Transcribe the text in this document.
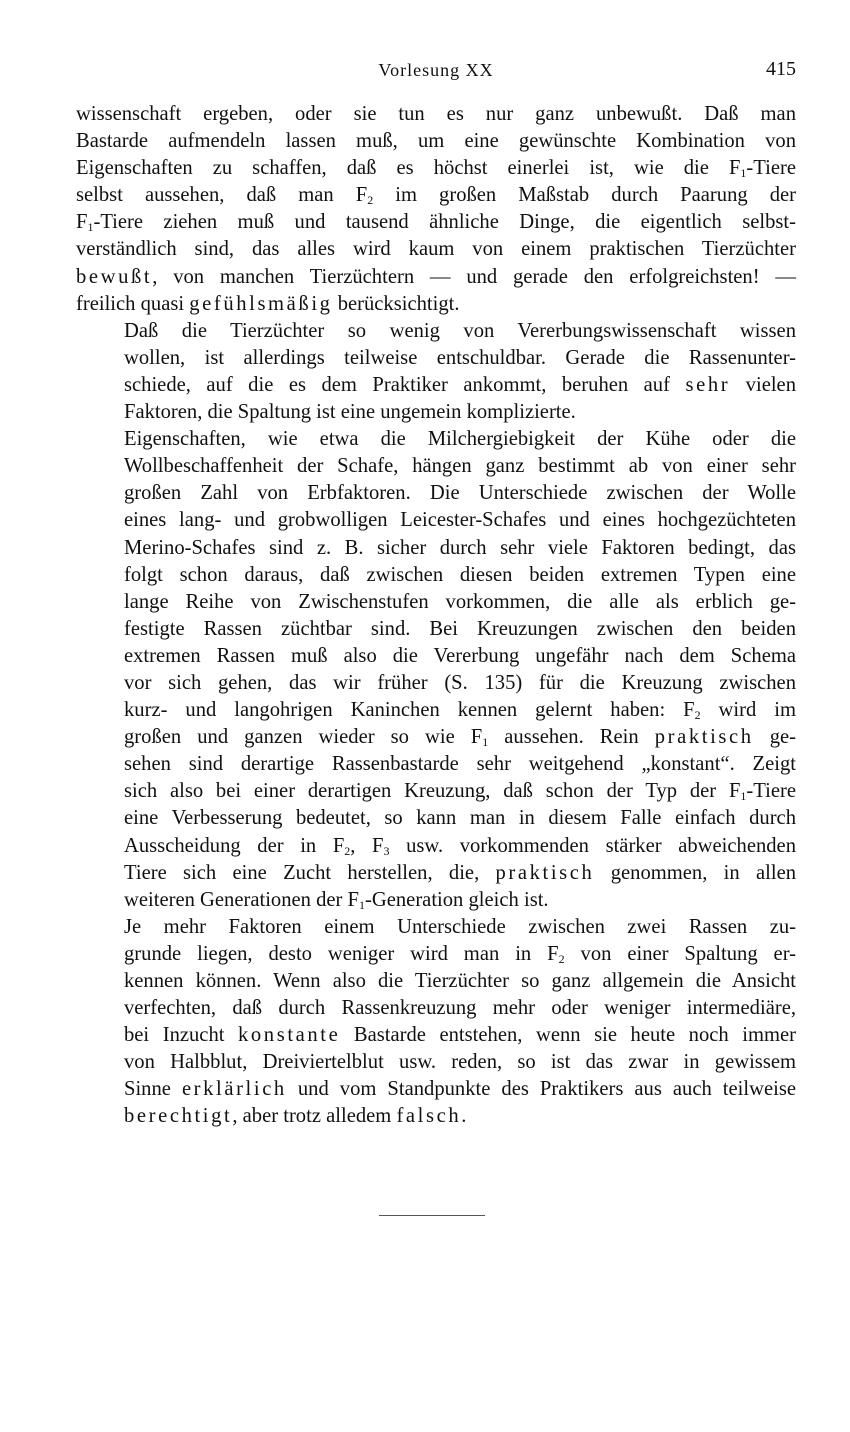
Vorlesung XX	415

wissenschaft ergeben, oder sie tun es nur ganz unbewußt. Daß man
Bastarde aufmendeln lassen muß, um eine gewünschte Kombination von
Eigenschaften zu schaffen, daß es höchst einerlei ist, wie die $F_1$-Tiere
selbst aussehen, daß man $F_2$ im großen Maßstab durch Paarung der
$F_1$-Tiere ziehen muß und tausend ähnliche Dinge, die eigentlich selbst-
verständlich sind, das alles wird kaum von einem praktischen Tierzüchter
bewußt, von manchen Tierzüchtern — und gerade den erfolgreichsten! —
freilich quasi gefühlsmäßig berücksichtigt.

Daß die Tierzüchter so wenig von Vererbungswissenschaft wissen
wollen, ist allerdings teilweise entschuldbar. Gerade die Rassenunter-
schiede, auf die es dem Praktiker ankommt, beruhen auf sehr vielen
Faktoren, die Spaltung ist eine ungemein komplizierte.

Eigenschaften, wie etwa die Milchergiebigkeit der Kühe oder die
Wollbeschaffenheit der Schafe, hängen ganz bestimmt ab von einer sehr
großen Zahl von Erbfaktoren. Die Unterschiede zwischen der Wolle
eines lang- und grobwolligen Leicester-Schafes und eines hochgezüchteten
Merino-Schafes sind z. B. sicher durch sehr viele Faktoren bedingt, das
folgt schon daraus, daß zwischen diesen beiden extremen Typen eine
lange Reihe von Zwischenstufen vorkommen, die alle als erblich ge-
festigte Rassen züchtbar sind. Bei Kreuzungen zwischen den beiden
extremen Rassen muß also die Vererbung ungefähr nach dem Schema
vor sich gehen, das wir früher (S. 135) für die Kreuzung zwischen
kurz- und langohrigen Kaninchen kennen gelernt haben: $F_2$ wird im
großen und ganzen wieder so wie $F_1$ aussehen. Rein praktisch ge-
sehen sind derartige Rassenbastarde sehr weitgehend „konstant“. Zeigt
sich also bei einer derartigen Kreuzung, daß schon der Typ der $F_1$-Tiere
eine Verbesserung bedeutet, so kann man in diesem Falle einfach durch
Ausscheidung der in $F_2$, $F_3$ usw. vorkommenden stärker abweichenden
Tiere sich eine Zucht herstellen, die, praktisch genommen, in allen
weiteren Generationen der $F_1$-Generation gleich ist.

Je mehr Faktoren einem Unterschiede zwischen zwei Rassen zu-
grunde liegen, desto weniger wird man in $F_2$ von einer Spaltung er-
kennen können. Wenn also die Tierzüchter so ganz allgemein die Ansicht
verfechten, daß durch Rassenkreuzung mehr oder weniger intermediäre,
bei Inzucht konstante Bastarde entstehen, wenn sie heute noch immer
von Halbblut, Dreiviertelblut usw. reden, so ist das zwar in gewissem
Sinne erklärlich und vom Standpunkte des Praktikers aus auch teilweise
berechtigt, aber trotz alledem falsch.
